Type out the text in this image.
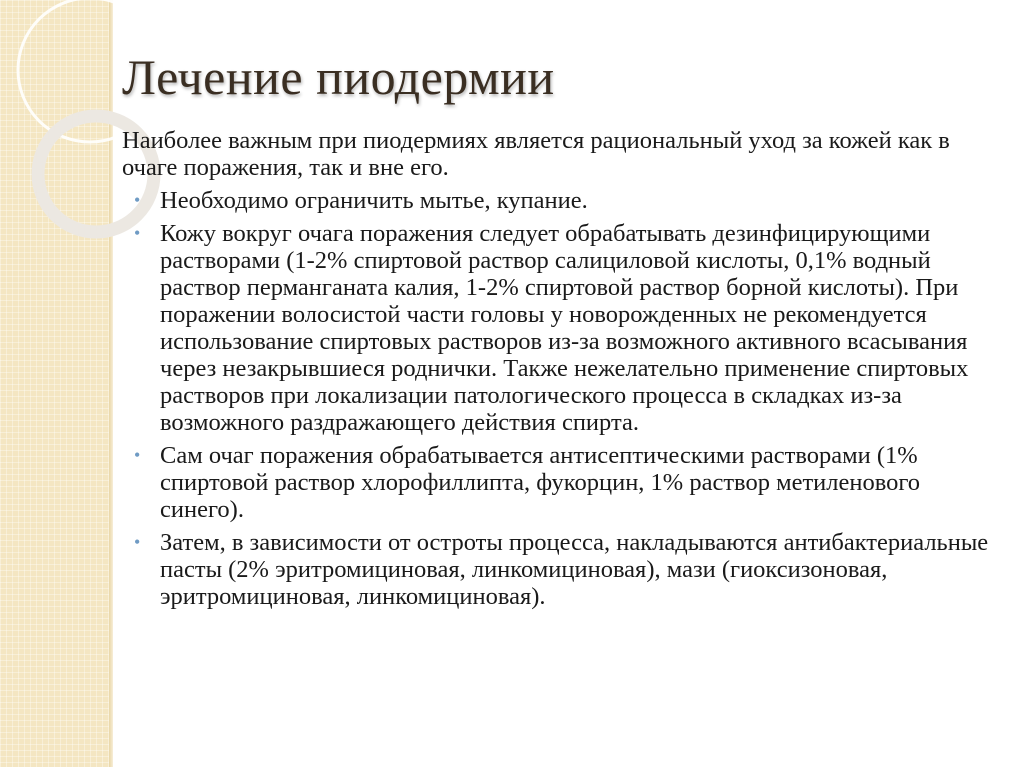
Лечение пиодермии

Наиболее важным при пиодермиях является рациональный уход за кожей как в очаге поражения, так и вне его.

• Необходимо ограничить мытье, купание.
• Кожу вокруг очага поражения следует обрабатывать дезинфицирующими растворами (1-2% спиртовой раствор салициловой кислоты, 0,1% водный раствор перманганата калия, 1-2% спиртовой раствор борной кислоты). При поражении волосистой части головы у новорожденных не рекомендуется использование спиртовых растворов из-за возможного активного всасывания через незакрывшиеся роднички. Также нежелательно применение спиртовых растворов при локализации патологического процесса в складках из-за возможного раздражающего действия спирта.
• Сам очаг поражения обрабатывается антисептическими растворами (1% спиртовой раствор хлорофиллипта, фукорцин, 1% раствор метиленового синего).
• Затем, в зависимости от остроты процесса, накладываются антибактериальные пасты (2% эритромициновая, линкомициновая), мази (гиоксизоновая, эритромициновая, линкомициновая).
